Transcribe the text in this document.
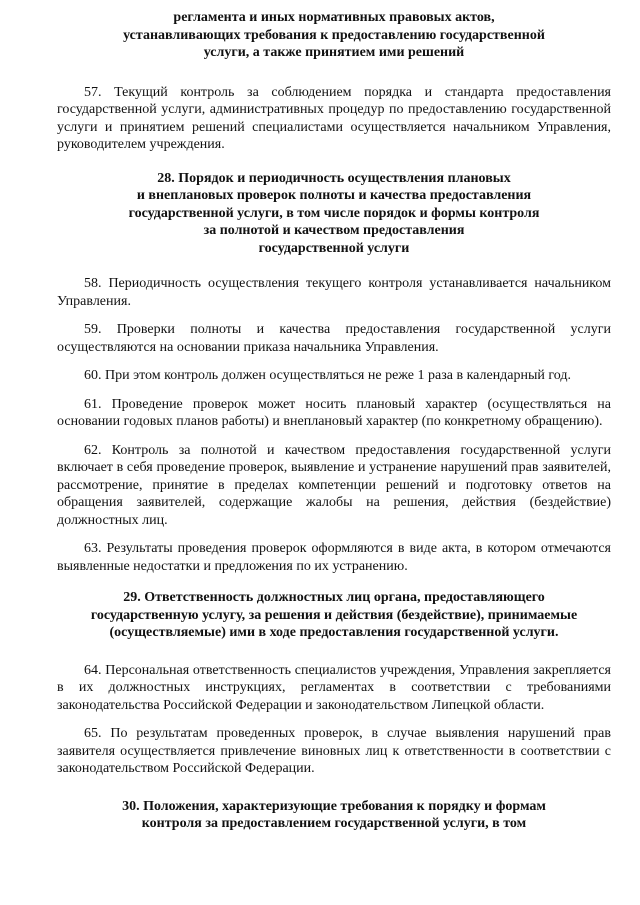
регламента и иных нормативных правовых актов,
устанавливающих требования к предоставлению государственной
услуги, а также принятием ими решений

57. Текущий контроль за соблюдением порядка и стандарта предоставления государственной услуги, административных процедур по предоставлению государственной услуги и принятием решений специалистами осуществляется начальником Управления, руководителем учреждения.

28. Порядок и периодичность осуществления плановых
и внеплановых проверок полноты и качества предоставления
государственной услуги, в том числе порядок и формы контроля
за полнотой и качеством предоставления
государственной услуги

58. Периодичность осуществления текущего контроля устанавливается начальником Управления.

59. Проверки полноты и качества предоставления государственной услуги осуществляются на основании приказа начальника Управления.

60. При этом контроль должен осуществляться не реже 1 раза в календарный год.

61. Проведение проверок может носить плановый характер (осуществляться на основании годовых планов работы) и внеплановый характер (по конкретному обращению).

62. Контроль за полнотой и качеством предоставления государственной услуги включает в себя проведение проверок, выявление и устранение нарушений прав заявителей, рассмотрение, принятие в пределах компетенции решений и подготовку ответов на обращения заявителей, содержащие жалобы на решения, действия (бездействие) должностных лиц.

63. Результаты проведения проверок оформляются в виде акта, в котором отмечаются выявленные недостатки и предложения по их устранению.

29. Ответственность должностных лиц органа, предоставляющего
государственную услугу, за решения и действия (бездействие), принимаемые
(осуществляемые) ими в ходе предоставления государственной услуги.

64. Персональная ответственность специалистов учреждения, Управления закрепляется в их должностных инструкциях, регламентах в соответствии с требованиями законодательства Российской Федерации и законодательством Липецкой области.

65. По результатам проведенных проверок, в случае выявления нарушений прав заявителя осуществляется привлечение виновных лиц к ответственности в соответствии с законодательством Российской Федерации.

30. Положения, характеризующие требования к порядку и формам
контроля за предоставлением государственной услуги, в том
